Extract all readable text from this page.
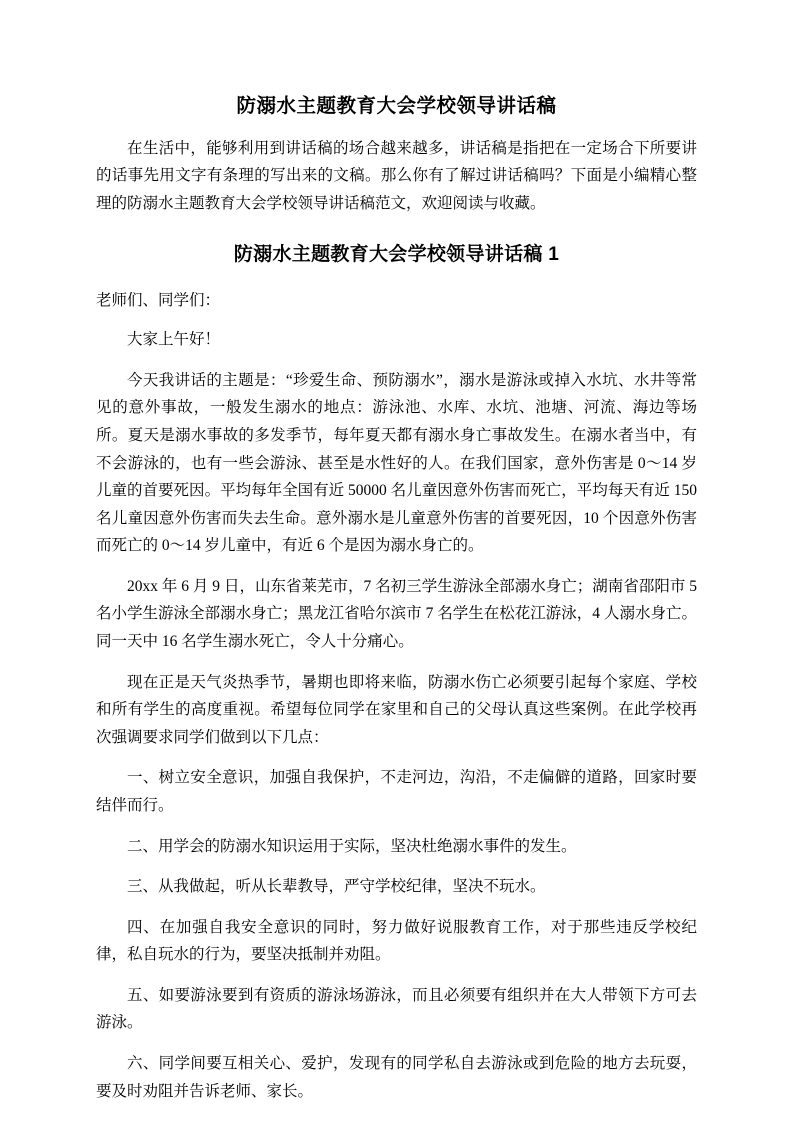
防溺水主题教育大会学校领导讲话稿

在生活中，能够利用到讲话稿的场合越来越多，讲话稿是指把在一定场合下所要讲的话事先用文字有条理的写出来的文稿。那么你有了解过讲话稿吗？下面是小编精心整理的防溺水主题教育大会学校领导讲话稿范文，欢迎阅读与收藏。

防溺水主题教育大会学校领导讲话稿 1

老师们、同学们：

大家上午好！

今天我讲话的主题是：“珍爱生命、预防溺水”，溺水是游泳或掉入水坑、水井等常见的意外事故，一般发生溺水的地点：游泳池、水库、水坑、池塘、河流、海边等场所。夏天是溺水事故的多发季节，每年夏天都有溺水身亡事故发生。在溺水者当中，有不会游泳的，也有一些会游泳、甚至是水性好的人。在我们国家，意外伤害是 0～14 岁儿童的首要死因。平均每年全国有近 50000 名儿童因意外伤害而死亡，平均每天有近 150 名儿童因意外伤害而失去生命。意外溺水是儿童意外伤害的首要死因，10 个因意外伤害而死亡的 0～14 岁儿童中，有近 6 个是因为溺水身亡的。

20xx 年 6 月 9 日，山东省莱芜市，7 名初三学生游泳全部溺水身亡；湖南省邵阳市 5 名小学生游泳全部溺水身亡；黑龙江省哈尔滨市 7 名学生在松花江游泳，4 人溺水身亡。同一天中 16 名学生溺水死亡，令人十分痛心。

现在正是天气炎热季节，暑期也即将来临，防溺水伤亡必须要引起每个家庭、学校和所有学生的高度重视。希望每位同学在家里和自己的父母认真这些案例。在此学校再次强调要求同学们做到以下几点：

一、树立安全意识，加强自我保护，不走河边，沟沿，不走偏僻的道路，回家时要结伴而行。

二、用学会的防溺水知识运用于实际，坚决杜绝溺水事件的发生。

三、从我做起，听从长辈教导，严守学校纪律，坚决不玩水。

四、在加强自我安全意识的同时，努力做好说服教育工作，对于那些违反学校纪律，私自玩水的行为，要坚决抵制并劝阻。

五、如要游泳要到有资质的游泳场游泳，而且必须要有组织并在大人带领下方可去游泳。

六、同学间要互相关心、爱护，发现有的同学私自去游泳或到危险的地方去玩耍，要及时劝阻并告诉老师、家长。
